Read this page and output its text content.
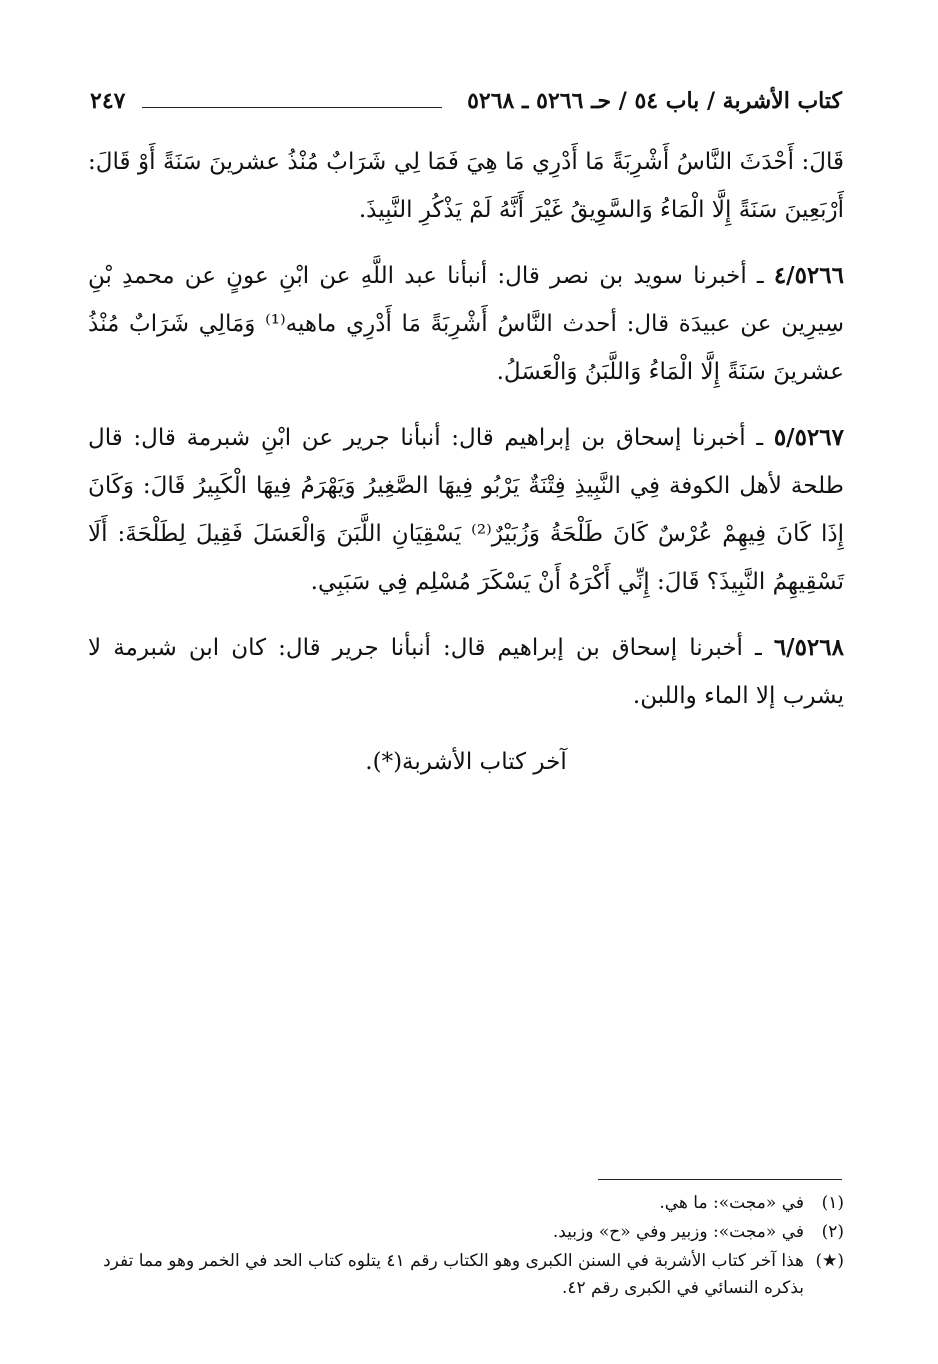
كتاب الأشربة / باب ٥٤ / حـ ٥٢٦٦ ـ ٥٢٦٨
٢٤٧

قَالَ: أَحْدَثَ النَّاسُ أَشْرِبَةً مَا أَدْرِي مَا هِيَ فَمَا لِي شَرَابٌ مُنْذُ عشرينَ سَنَةً أَوْ قَالَ: أَرْبَعِينَ سَنَةً إِلَّا الْمَاءُ وَالسَّوِيقُ غَيْرَ أَنَّهُ لَمْ يَذْكُرِ النَّبِيذَ.

٤/٥٢٦٦ ـ أخبرنا سويد بن نصر قال: أنبأنا عبد اللَّهِ عن ابْنِ عونٍ عن محمدِ بْنِ سِيرِين عن عبيدَة قال: أحدث النَّاسُ أَشْرِبَةً مَا أَدْرِي ماهيه⁽¹⁾ وَمَالِي شَرَابٌ مُنْذُ عشرينَ سَنَةً إِلَّا الْمَاءُ وَاللَّبَنُ وَالْعَسَلُ.

٥/٥٢٦٧ ـ أخبرنا إسحاق بن إبراهيم قال: أنبأنا جرير عن ابْنِ شبرمة قال: قال طلحة لأهل الكوفة فِي النَّبِيذِ فِتْنَةٌ يَرْبُو فِيهَا الصَّغِيرُ وَيَهْرَمُ فِيهَا الْكَبِيرُ قَالَ: وَكَانَ إِذَا كَانَ فِيهِمْ عُرْسٌ كَانَ طَلْحَةُ وَزُبَيْرٌ⁽²⁾ يَسْقِيَانِ اللَّبَنَ وَالْعَسَلَ فَقِيلَ لِطَلْحَةَ: أَلَا تَسْقِيهِمُ النَّبِيذَ؟ قَالَ: إِنِّي أَكْرَهُ أَنْ يَسْكَرَ مُسْلِم فِي سَبَبِي.

٦/٥٢٦٨ ـ أخبرنا إسحاق بن إبراهيم قال: أنبأنا جرير قال: كان ابن شبرمة لا يشرب إلا الماء واللبن.

آخر كتاب الأشربة(*).

(١)في «مجت»: ما هي.

(٢)في «مجت»: وزبير وفي «ح» وزبيد.

(★)هذا آخر كتاب الأشربة في السنن الكبرى وهو الكتاب رقم ٤١ يتلوه كتاب الحد في الخمر وهو مما تفرد بذكره النسائي في الكبرى رقم ٤٢.
